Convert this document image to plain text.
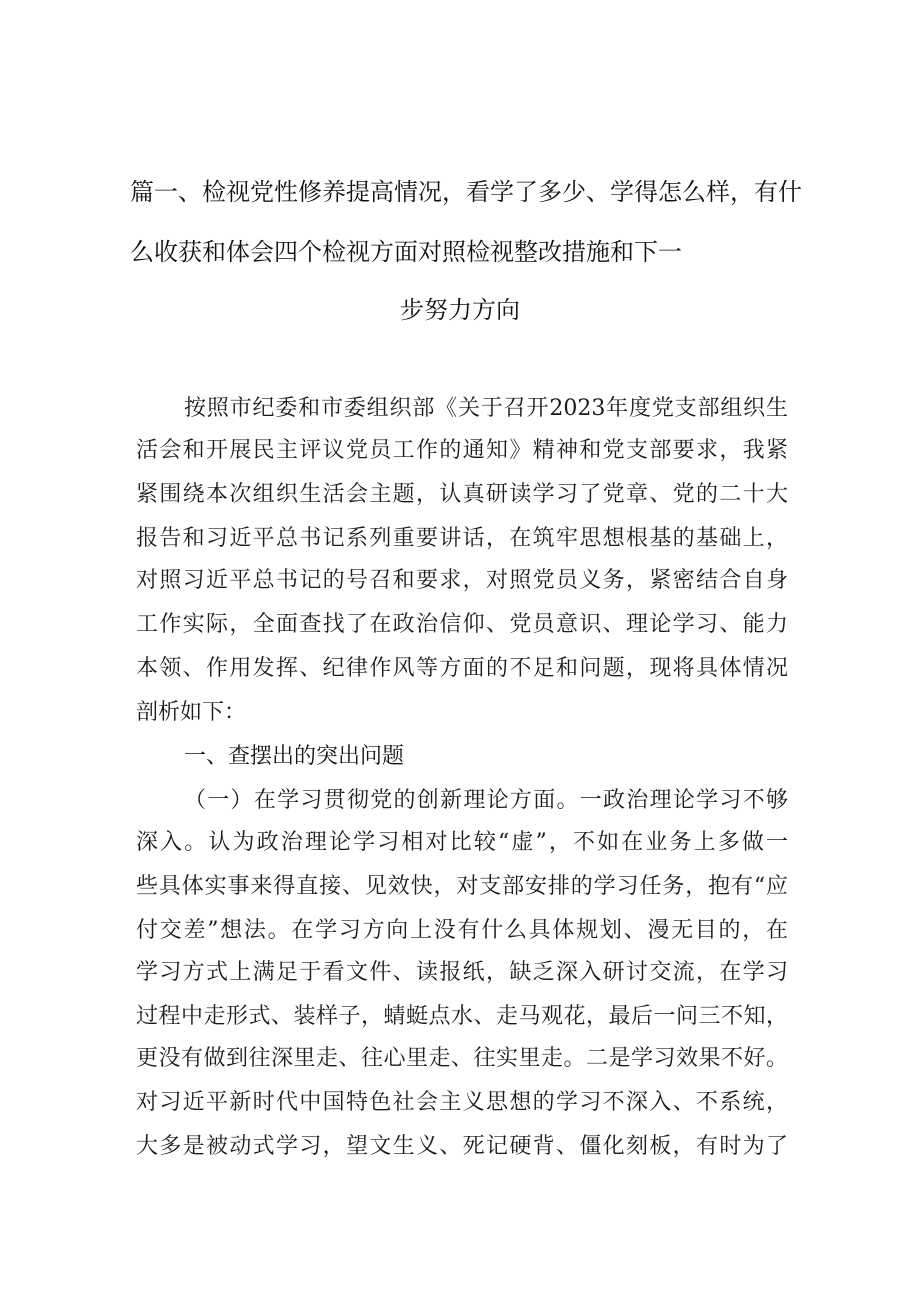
篇一、检视党性修养提高情况，看学了多少、学得怎么样，有什

么收获和体会四个检视方面对照检视整改措施和下一

步努力方向

按照市纪委和市委组织部《关于召开2023年度党支部组织生

活会和开展民主评议党员工作的通知》精神和党支部要求，我紧

紧围绕本次组织生活会主题，认真研读学习了党章、党的二十大

报告和习近平总书记系列重要讲话，在筑牢思想根基的基础上，

对照习近平总书记的号召和要求，对照党员义务，紧密结合自身

工作实际，全面查找了在政治信仰、党员意识、理论学习、能力

本领、作用发挥、纪律作风等方面的不足和问题，现将具体情况

剖析如下：

一、查摆出的突出问题

（一）在学习贯彻党的创新理论方面。一政治理论学习不够

深入。认为政治理论学习相对比较“虚”，不如在业务上多做一

些具体实事来得直接、见效快，对支部安排的学习任务，抱有“应

付交差”想法。在学习方向上没有什么具体规划、漫无目的，在

学习方式上满足于看文件、读报纸，缺乏深入研讨交流，在学习

过程中走形式、装样子，蜻蜓点水、走马观花，最后一问三不知，

更没有做到往深里走、往心里走、往实里走。二是学习效果不好。

对习近平新时代中国特色社会主义思想的学习不深入、不系统，

大多是被动式学习，望文生义、死记硬背、僵化刻板，有时为了
